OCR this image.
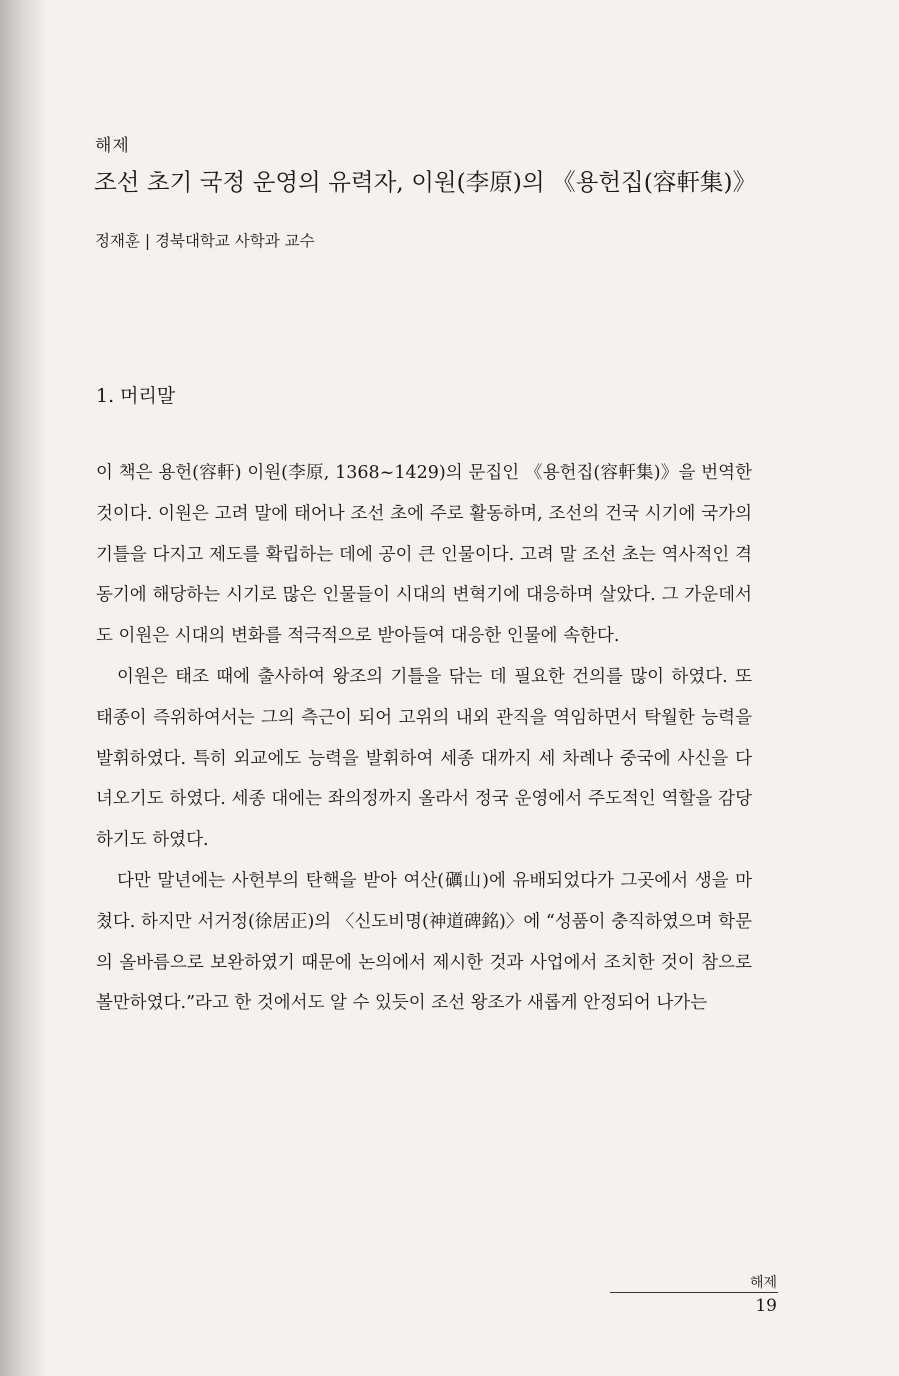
해제
조선 초기 국정 운영의 유력자, 이원(李原)의 《용헌집(容軒集)》
정재훈 | 경북대학교 사학과 교수
1. 머리말

이 책은 용헌(容軒) 이원(李原, 1368~1429)의 문집인 《용헌집(容軒集)》을 번역한 것이다. 이원은 고려 말에 태어나 조선 초에 주로 활동하며, 조선의 건국 시기에 국가의 기틀을 다지고 제도를 확립하는 데에 공이 큰 인물이다. 고려 말 조선 초는 역사적인 격동기에 해당하는 시기로 많은 인물들이 시대의 변혁기에 대응하며 살았다. 그 가운데서도 이원은 시대의 변화를 적극적으로 받아들여 대응한 인물에 속한다.

이원은 태조 때에 출사하여 왕조의 기틀을 닦는 데 필요한 건의를 많이 하였다. 또 태종이 즉위하여서는 그의 측근이 되어 고위의 내외 관직을 역임하면서 탁월한 능력을 발휘하였다. 특히 외교에도 능력을 발휘하여 세종 대까지 세 차례나 중국에 사신을 다녀오기도 하였다. 세종 대에는 좌의정까지 올라서 정국 운영에서 주도적인 역할을 감당하기도 하였다.

다만 말년에는 사헌부의 탄핵을 받아 여산(礪山)에 유배되었다가 그곳에서 생을 마쳤다. 하지만 서거정(徐居正)의 〈신도비명(神道碑銘)〉에 “성품이 충직하였으며 학문의 올바름으로 보완하였기 때문에 논의에서 제시한 것과 사업에서 조치한 것이 참으로 볼만하였다.”라고 한 것에서도 알 수 있듯이 조선 왕조가 새롭게 안정되어 나가는

해제
19
